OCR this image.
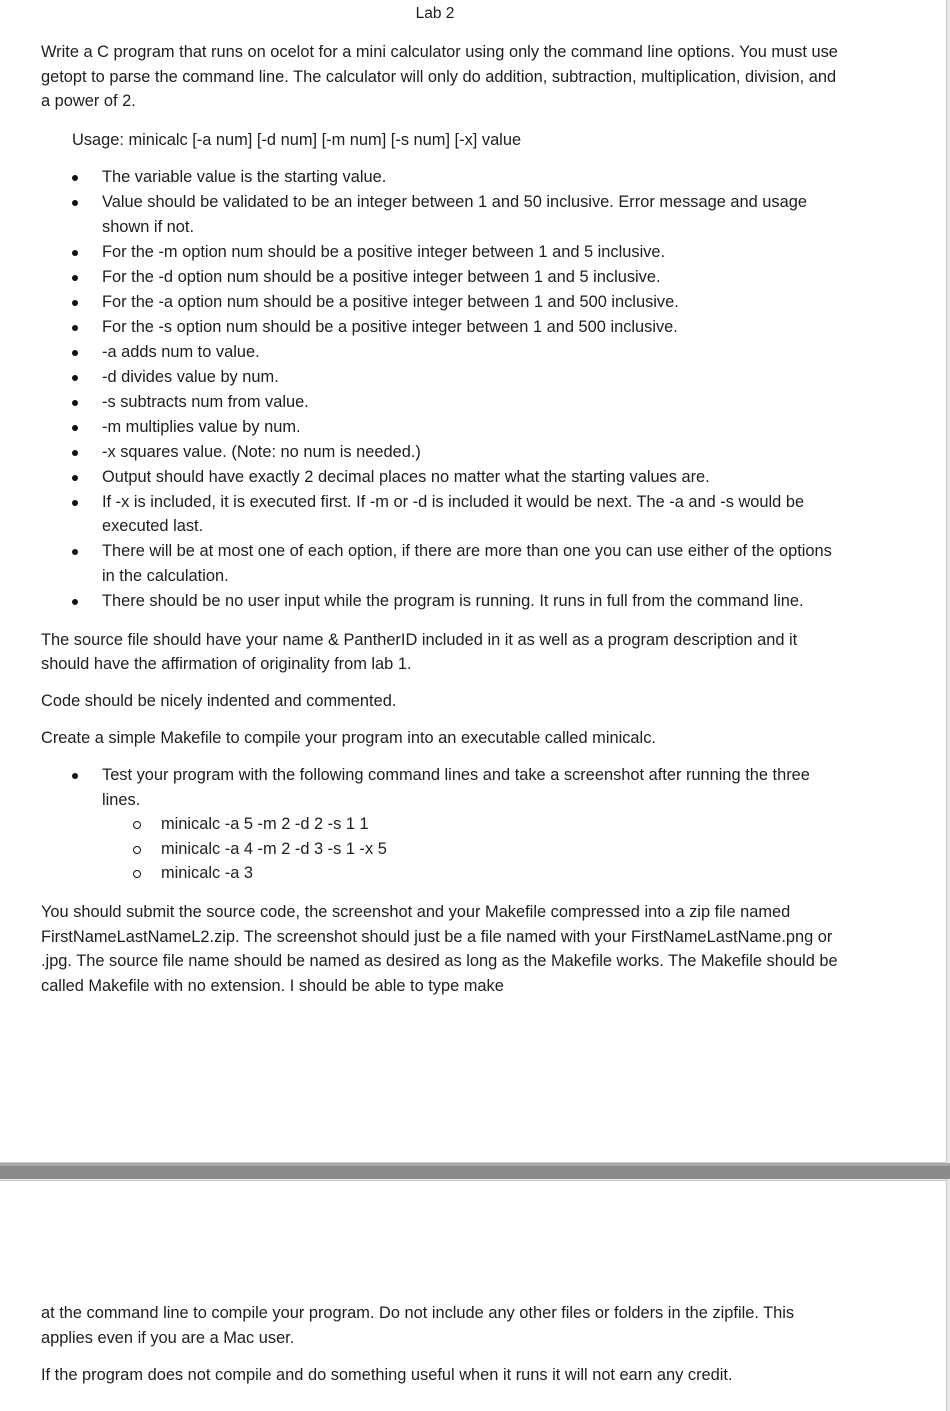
Lab 2

Write a C program that runs on ocelot for a mini calculator using only the command line options. You must use getopt to parse the command line. The calculator will only do addition, subtraction, multiplication, division, and a power of 2.

Usage: minicalc [-a num] [-d num] [-m num] [-s num] [-x] value

The variable value is the starting value.
Value should be validated to be an integer between 1 and 50 inclusive. Error message and usage shown if not.
For the -m option num should be a positive integer between 1 and 5 inclusive.
For the -d option num should be a positive integer between 1 and 5 inclusive.
For the -a option num should be a positive integer between 1 and 500 inclusive.
For the -s option num should be a positive integer between 1 and 500 inclusive.
-a adds num to value.
-d divides value by num.
-s subtracts num from value.
-m multiplies value by num.
-x squares value. (Note: no num is needed.)
Output should have exactly 2 decimal places no matter what the starting values are.
If -x is included, it is executed first. If -m or -d is included it would be next. The -a and -s would be executed last.
There will be at most one of each option, if there are more than one you can use either of the options in the calculation.
There should be no user input while the program is running. It runs in full from the command line.

The source file should have your name & PantherID included in it as well as a program description and it should have the affirmation of originality from lab 1.

Code should be nicely indented and commented.

Create a simple Makefile to compile your program into an executable called minicalc.

Test your program with the following command lines and take a screenshot after running the three lines.
minicalc -a 5 -m 2 -d 2 -s 1 1
minicalc -a 4 -m 2 -d 3 -s 1 -x 5
minicalc -a 3

You should submit the source code, the screenshot and your Makefile compressed into a zip file named FirstNameLastNameL2.zip. The screenshot should just be a file named with your FirstNameLastName.png or .jpg. The source file name should be named as desired as long as the Makefile works. The Makefile should be called Makefile with no extension. I should be able to type make

at the command line to compile your program. Do not include any other files or folders in the zipfile. This applies even if you are a Mac user.

If the program does not compile and do something useful when it runs it will not earn any credit.
